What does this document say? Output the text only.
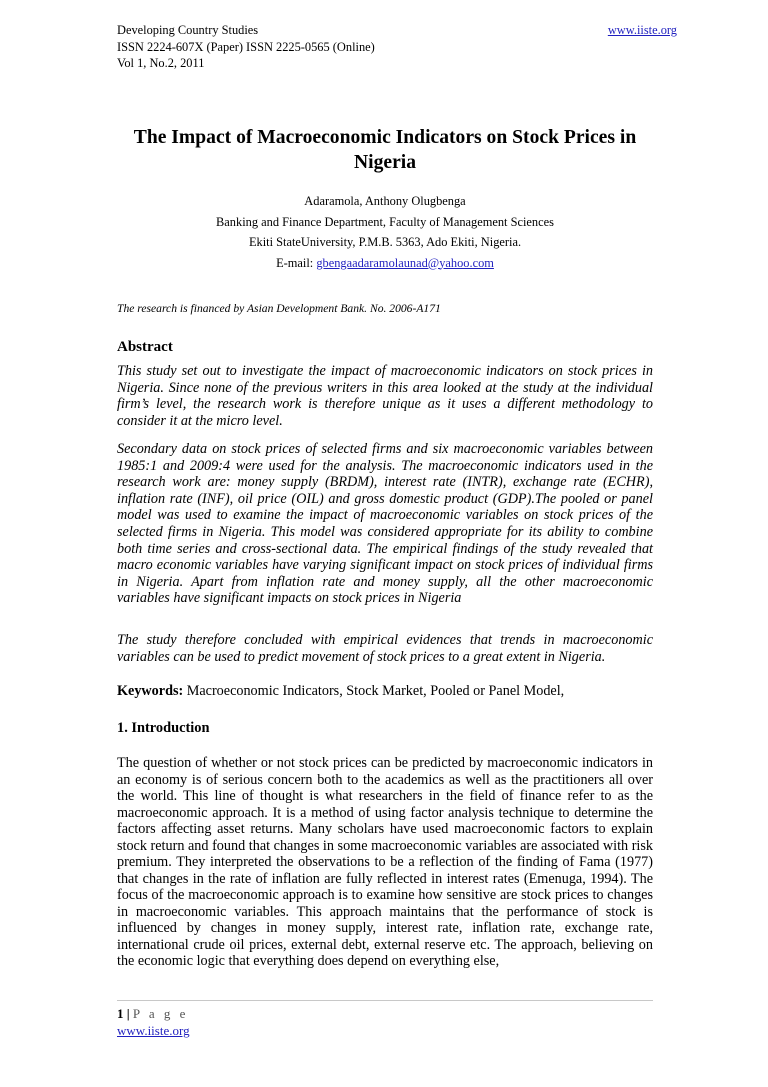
Developing Country Studies
ISSN 2224-607X (Paper) ISSN 2225-0565 (Online)
Vol 1, No.2, 2011
www.iiste.org
The Impact of Macroeconomic Indicators on Stock Prices in
Nigeria
Adaramola, Anthony Olugbenga
Banking and Finance Department, Faculty of Management Sciences
Ekiti StateUniversity, P.M.B. 5363, Ado Ekiti, Nigeria.
E-mail: gbengaadaramolaunad@yahoo.com
The research is financed by Asian Development Bank. No. 2006-A171
Abstract
This study set out to investigate the impact of macroeconomic indicators on stock prices in Nigeria. Since none of the previous writers in this area looked at the study at the individual firm’s level, the research work is therefore unique as it uses a different methodology to consider it at the micro level.
Secondary data on stock prices of selected firms and six macroeconomic variables between 1985:1 and 2009:4 were used for the analysis. The macroeconomic indicators used in the research work are: money supply (BRDM), interest rate (INTR), exchange rate (ECHR), inflation rate (INF), oil price (OIL) and gross domestic product (GDP).The pooled or panel model was used to examine the impact of macroeconomic variables on stock prices of the selected firms in Nigeria. This model was considered appropriate for its ability to combine both time series and cross-sectional data. The empirical findings of the study revealed that macro economic variables have varying significant impact on stock prices of individual firms in Nigeria. Apart from inflation rate and money supply, all the other macroeconomic variables have significant impacts on stock prices in Nigeria
The study therefore concluded with empirical evidences that trends in macroeconomic variables can be used to predict movement of stock prices to a great extent in Nigeria.
Keywords: Macroeconomic Indicators, Stock Market, Pooled or Panel Model,
1. Introduction
The question of whether or not stock prices can be predicted by macroeconomic indicators in an economy is of serious concern both to the academics as well as the practitioners all over the world. This line of thought is what researchers in the field of finance refer to as the macroeconomic approach. It is a method of using factor analysis technique to determine the factors affecting asset returns. Many scholars have used macroeconomic factors to explain stock return and found that changes in some macroeconomic variables are associated with risk premium. They interpreted the observations to be a reflection of the finding of Fama (1977) that changes in the rate of inflation are fully reflected in interest rates (Emenuga, 1994). The focus of the macroeconomic approach is to examine how sensitive are stock prices to changes in macroeconomic variables. This approach maintains that the performance of stock is influenced by changes in money supply, interest rate, inflation rate, exchange rate, international crude oil prices, external debt, external reserve etc. The approach, believing on the economic logic that everything does depend on everything else,
1 | P a g e
www.iiste.org
